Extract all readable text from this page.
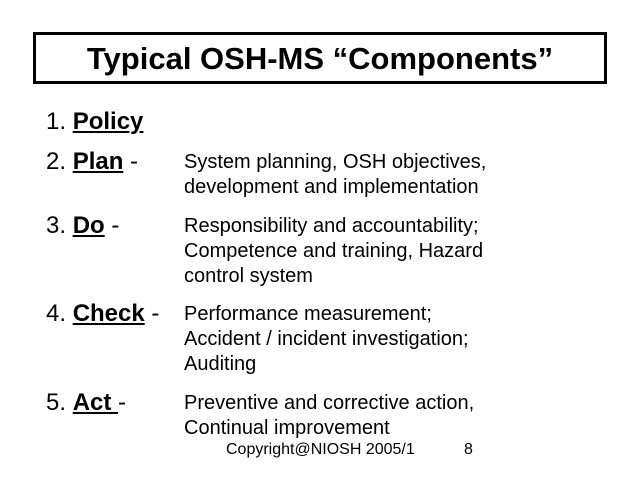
Typical OSH-MS “Components”
1. Policy
2. Plan - System planning, OSH objectives,
development and implementation
3. Do -	Responsibility and accountability;
Competence and training, Hazard
control system
4. Check - Performance measurement;
Accident / incident investigation;
Auditing
5. Act -	Preventive and corrective action,
Continual improvement
Copyright@NIOSH 2005/1	8
